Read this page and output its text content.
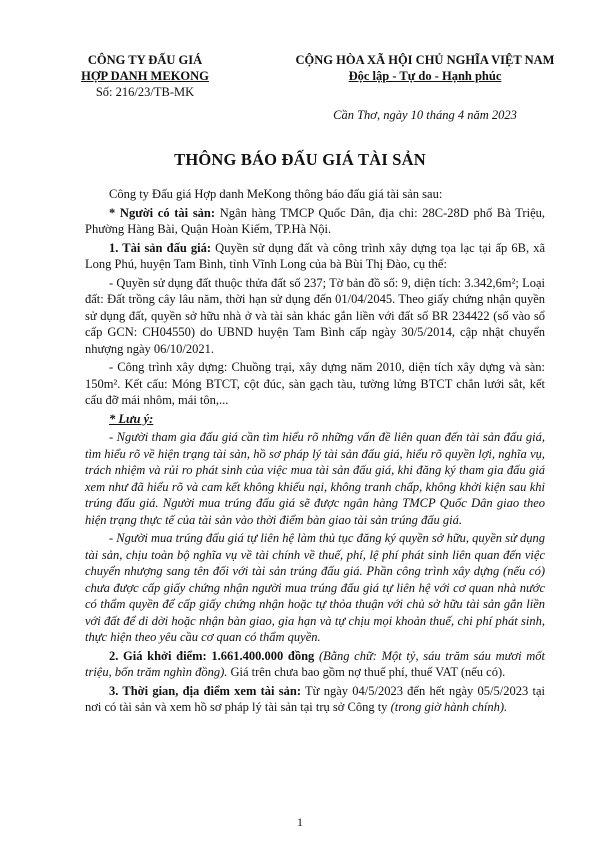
CÔNG TY ĐẤU GIÁ
HỢP DANH MEKONG
Số: 216/23/TB-MK
CỘNG HÒA XÃ HỘI CHỦ NGHĨA VIỆT NAM
Độc lập - Tự do - Hạnh phúc
Cần Thơ, ngày 10 tháng 4 năm 2023
THÔNG BÁO ĐẤU GIÁ TÀI SẢN

Công ty Đấu giá Hợp danh MeKong thông báo đấu giá tài sản sau:

* Người có tài sản: Ngân hàng TMCP Quốc Dân, địa chỉ: 28C-28D phố Bà Triệu, Phường Hàng Bài, Quận Hoàn Kiếm, TP.Hà Nội.

1. Tài sản đấu giá: Quyền sử dụng đất và công trình xây dựng tọa lạc tại ấp 6B, xã Long Phú, huyện Tam Bình, tỉnh Vĩnh Long của bà Bùi Thị Đào, cụ thể:

- Quyền sử dụng đất thuộc thửa đất số 237; Tờ bản đồ số: 9, diện tích: 3.342,6m²; Loại đất: Đất trồng cây lâu năm, thời hạn sử dụng đến 01/04/2045. Theo giấy chứng nhận quyền sử dụng đất, quyền sở hữu nhà ở và tài sản khác gắn liền với đất số BR 234422 (số vào sổ cấp GCN: CH04550) do UBND huyện Tam Bình cấp ngày 30/5/2014, cập nhật chuyển nhượng ngày 06/10/2021.

- Công trình xây dựng: Chuồng trại, xây dựng năm 2010, diện tích xây dựng và sàn: 150m². Kết cấu: Móng BTCT, cột đúc, sàn gạch tàu, tường lửng BTCT chắn lưới sắt, kết cấu đỡ mái nhôm, mái tôn,...

* Lưu ý:

- Người tham gia đấu giá cần tìm hiểu rõ những vấn đề liên quan đến tài sản đấu giá, tìm hiểu rõ về hiện trạng tài sản, hồ sơ pháp lý tài sản đấu giá, hiểu rõ quyền lợi, nghĩa vụ, trách nhiệm và rủi ro phát sinh của việc mua tài sản đấu giá, khi đăng ký tham gia đấu giá xem như đã hiểu rõ và cam kết không khiếu nại, không tranh chấp, không khởi kiện sau khi trúng đấu giá. Người mua trúng đấu giá sẽ được ngân hàng TMCP Quốc Dân giao theo hiện trạng thực tế của tài sản vào thời điểm bàn giao tài sản trúng đấu giá.

- Người mua trúng đấu giá tự liên hệ làm thủ tục đăng ký quyền sở hữu, quyền sử dụng tài sản, chịu toàn bộ nghĩa vụ về tài chính về thuế, phí, lệ phí phát sinh liên quan đến việc chuyển nhượng sang tên đối với tài sản trúng đấu giá. Phần công trình xây dựng (nếu có) chưa được cấp giấy chứng nhận người mua trúng đấu giá tự liên hệ với cơ quan nhà nước có thẩm quyền để cấp giấy chứng nhận hoặc tự thỏa thuận với chủ sở hữu tài sản gắn liền với đất để di dời hoặc nhận bàn giao, gia hạn và tự chịu mọi khoản thuế, chi phí phát sinh, thực hiện theo yêu cầu cơ quan có thẩm quyền.

2. Giá khởi điểm: 1.661.400.000 đồng (Bằng chữ: Một tỷ, sáu trăm sáu mươi mốt triệu, bốn trăm nghìn đồng). Giá trên chưa bao gồm nợ thuế phí, thuế VAT (nếu có).

3. Thời gian, địa điểm xem tài sản: Từ ngày 04/5/2023 đến hết ngày 05/5/2023 tại nơi có tài sản và xem hồ sơ pháp lý tài sản tại trụ sở Công ty (trong giờ hành chính).

1
